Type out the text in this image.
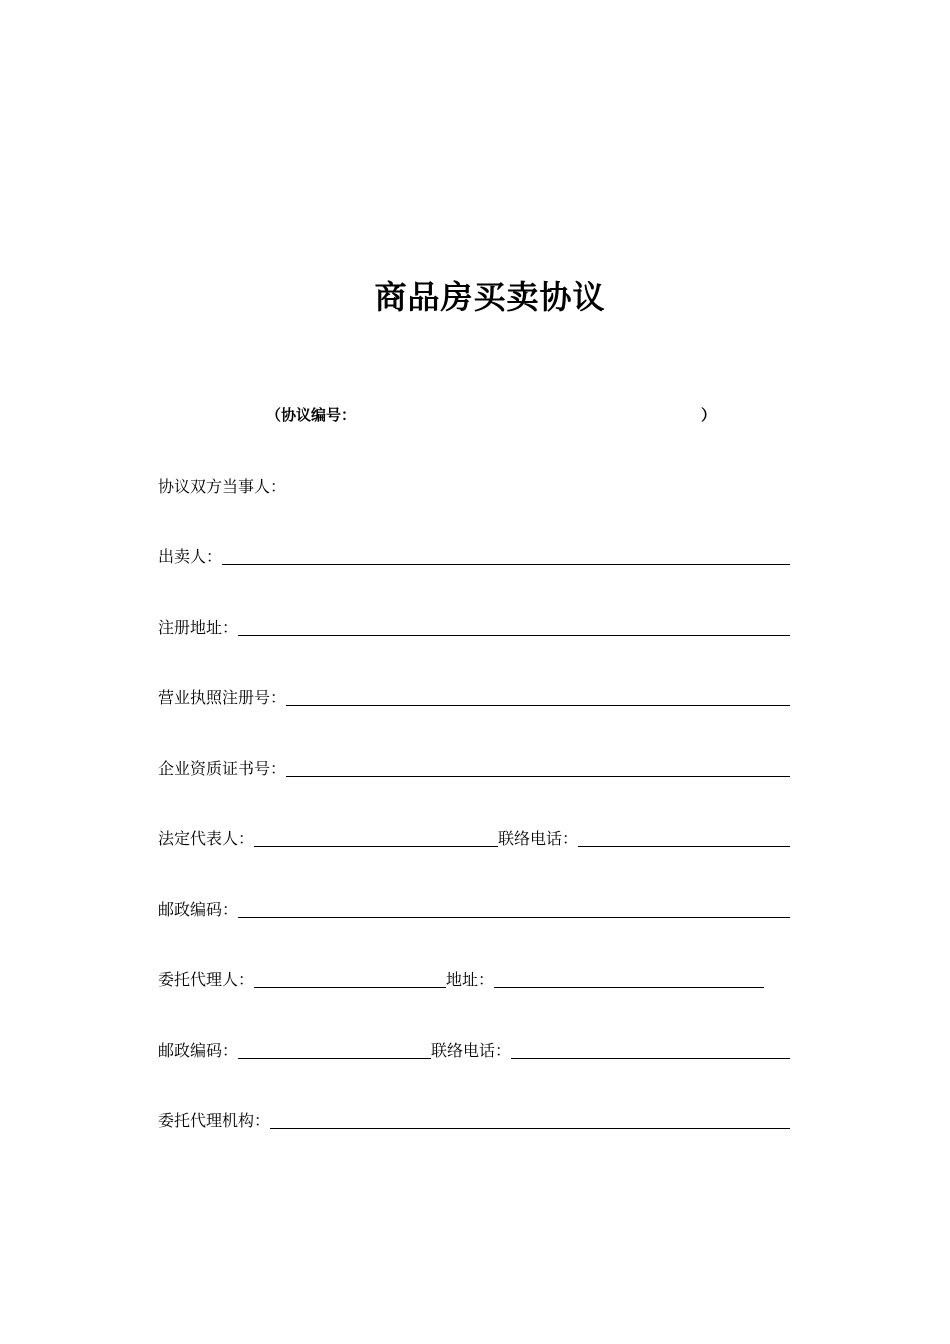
商品房买卖协议
（协议编号：	）
协议双方当事人：
出卖人：
注册地址：
营业执照注册号：
企业资质证书号：
法定代表人：	联络电话：
邮政编码：
委托代理人：	地址：
邮政编码：	联络电话：
委托代理机构：
